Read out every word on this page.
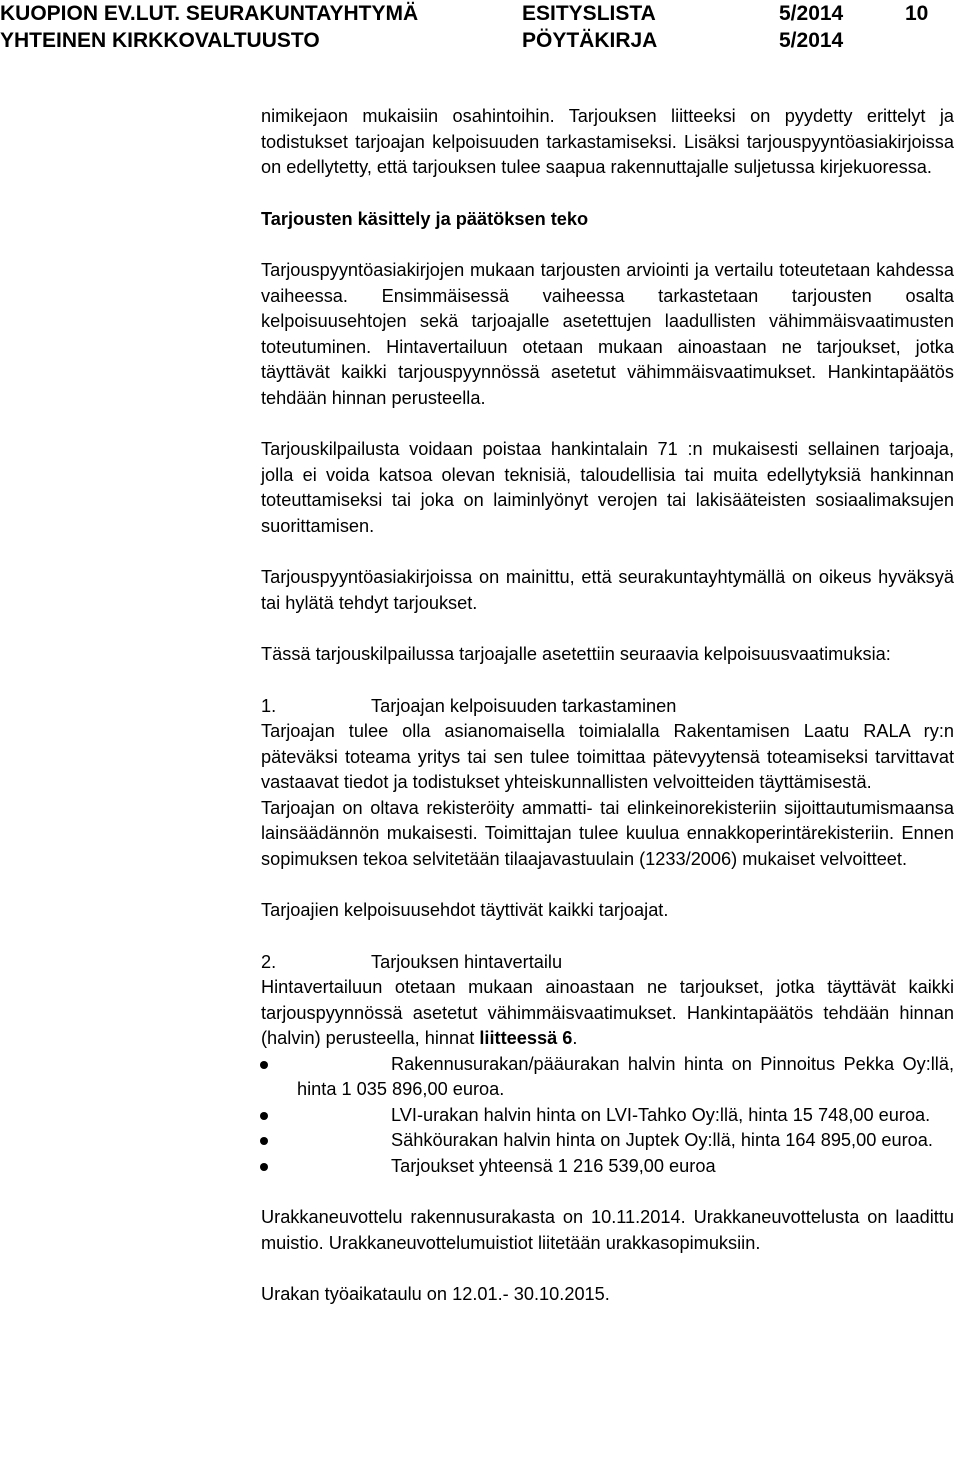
KUOPION EV.LUT. SEURAKUNTAYHTYMÄ	ESITYSLISTA	5/2014	10
YHTEINEN KIRKKOVALTUUSTO	PÖYTÄKIRJA	5/2014

nimikejaon mukaisiin osahintoihin. Tarjouksen liitteeksi on pyydetty erittelyt ja todistukset tarjoajan kelpoisuuden tarkastamiseksi. Lisäksi tarjouspyyntöasiakirjoissa on edellytetty, että tarjouksen tulee saapua rakennuttajalle suljetussa kirjekuoressa.

Tarjousten käsittely ja päätöksen teko

Tarjouspyyntöasiakirjojen mukaan tarjousten arviointi ja vertailu toteutetaan kahdessa vaiheessa. Ensimmäisessä vaiheessa tarkastetaan tarjousten osalta kelpoisuusehtojen sekä tarjoajalle asetettujen laadullisten vähimmäisvaatimusten toteutuminen. Hintavertailuun otetaan mukaan ainoastaan ne tarjoukset, jotka täyttävät kaikki tarjouspyynnössä asetetut vähimmäisvaatimukset. Hankintapäätös tehdään hinnan perusteella.

Tarjouskilpailusta voidaan poistaa hankintalain 71 :n mukaisesti sellainen tarjoaja, jolla ei voida katsoa olevan teknisiä, taloudellisia tai muita edellytyksiä hankinnan toteuttamiseksi tai joka on laiminlyönyt verojen tai lakisääteisten sosiaalimaksujen suorittamisen.

Tarjouspyyntöasiakirjoissa on mainittu, että seurakuntayhtymällä on oikeus hyväksyä tai hylätä tehdyt tarjoukset.

Tässä tarjouskilpailussa tarjoajalle asetettiin seuraavia kelpoisuusvaatimuksia:

1.	Tarjoajan kelpoisuuden tarkastaminen

Tarjoajan tulee olla asianomaisella toimialalla Rakentamisen Laatu RALA ry:n päteväksi toteama yritys tai sen tulee toimittaa pätevyytensä toteamiseksi tarvittavat vastaavat tiedot ja todistukset yhteiskunnallisten velvoitteiden täyttämisestä.

Tarjoajan on oltava rekisteröity ammatti- tai elinkeinorekisteriin sijoittautumismaansa lainsäädännön mukaisesti. Toimittajan tulee kuulua ennakkoperintärekisteriin. Ennen sopimuksen tekoa selvitetään tilaajavastuulain (1233/2006) mukaiset velvoitteet.

Tarjoajien kelpoisuusehdot täyttivät kaikki tarjoajat.

2.	Tarjouksen hintavertailu

Hintavertailuun otetaan mukaan ainoastaan ne tarjoukset, jotka täyttävät kaikki tarjouspyynnössä asetetut vähimmäisvaatimukset. Hankintapäätös tehdään hinnan (halvin) perusteella, hinnat liitteessä 6.

Rakennusurakan/pääurakan halvin hinta on Pinnoitus Pekka Oy:llä, hinta 1 035 896,00 euroa.
LVI-urakan halvin hinta on LVI-Tahko Oy:llä, hinta 15 748,00 euroa.
Sähköurakan halvin hinta on Juptek Oy:llä, hinta 164 895,00 euroa.
Tarjoukset yhteensä 1 216 539,00 euroa

Urakkaneuvottelu rakennusurakasta on 10.11.2014. Urakkaneuvottelusta on laadittu muistio. Urakkaneuvottelumuistiot liitetään urakkasopimuksiin.

Urakan työaikataulu on 12.01.- 30.10.2015.
